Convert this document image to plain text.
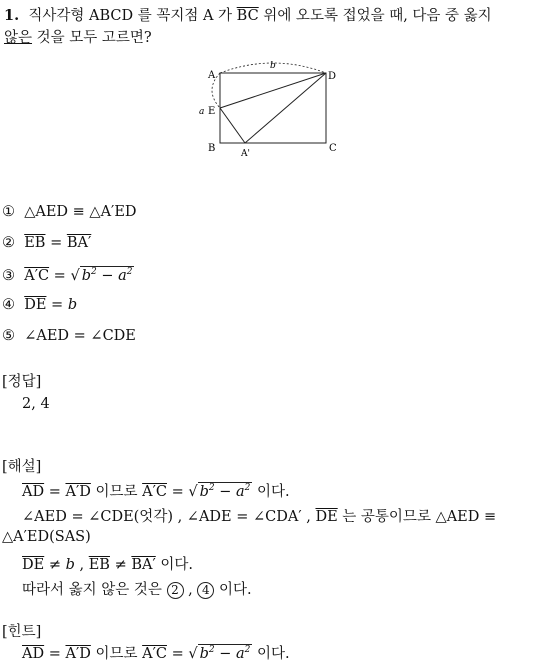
1.  직사각형 ABCD 를 꼭지점 A 가 $\overline{BC}$ 위에 오도록 접었을 때, 다음 중 옳지
않은 것을 모두 고르면?
A	D
B	C
E
A'
a
b
① △AED ≡ △A′ED
② $\overline{EB} = BA'$
③ A′C = √ $b^2 - a^2$
④ $\overline{DE} = b$
⑤ ∠AED = ∠CDE
[정답]
2, 4
[해설]
$\overline{AD} = A'D$ 이므로 A′C = √ $b^2 - a^2$ 이다.
∠AED = ∠CDE(엇각) , ∠ADE = ∠CDA′ , $\overline{DE}$ 는 공통이므로 △AED ≡
△A′ED(SAS)
$\overline{DE} \ne b$ , $\overline{EB} \ne BA'$ 이다.
따라서 옳지 않은 것은 2 , 4 이다.
[힌트]
$\overline{AD} = A'D$ 이므로 A′C = √ $b^2 - a^2$ 이다.
